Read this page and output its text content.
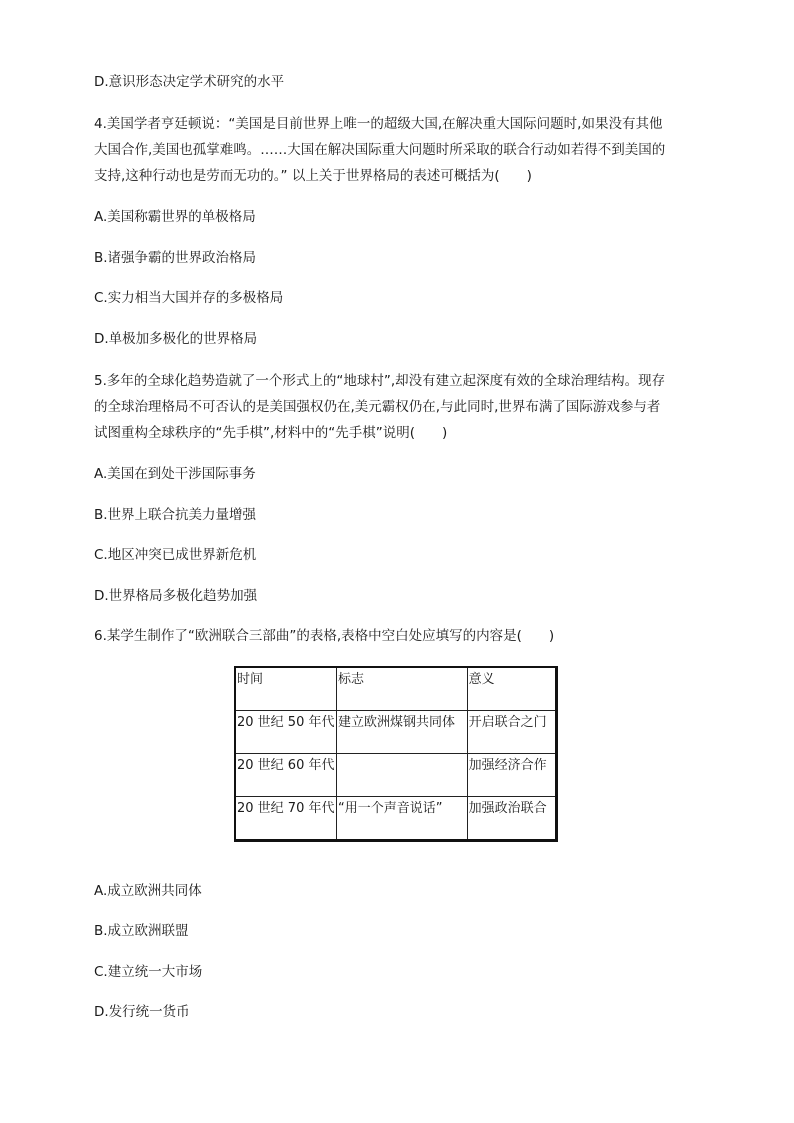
D.意识形态决定学术研究的水平
4.美国学者亨廷顿说：“美国是目前世界上唯一的超级大国,在解决重大国际问题时,如果没有其他
大国合作,美国也孤掌难鸣。……大国在解决国际重大问题时所采取的联合行动如若得不到美国的
支持,这种行动也是劳而无功的。” 以上关于世界格局的表述可概括为(　　)
A.美国称霸世界的单极格局
B.诸强争霸的世界政治格局
C.实力相当大国并存的多极格局
D.单极加多极化的世界格局
5.多年的全球化趋势造就了一个形式上的“地球村”,却没有建立起深度有效的全球治理结构。现存
的全球治理格局不可否认的是美国强权仍在,美元霸权仍在,与此同时,世界布满了国际游戏参与者
试图重构全球秩序的“先手棋”,材料中的“先手棋”说明(　　)
A.美国在到处干涉国际事务
B.世界上联合抗美力量增强
C.地区冲突已成世界新危机
D.世界格局多极化趋势加强
6.某学生制作了“欧洲联合三部曲”的表格,表格中空白处应填写的内容是(　　)
时间	标志	意义
20 世纪 50 年代	建立欧洲煤钢共同体	开启联合之门
20 世纪 60 年代		加强经济合作
20 世纪 70 年代	“用一个声音说话”	加强政治联合
A.成立欧洲共同体
B.成立欧洲联盟
C.建立统一大市场
D.发行统一货币
